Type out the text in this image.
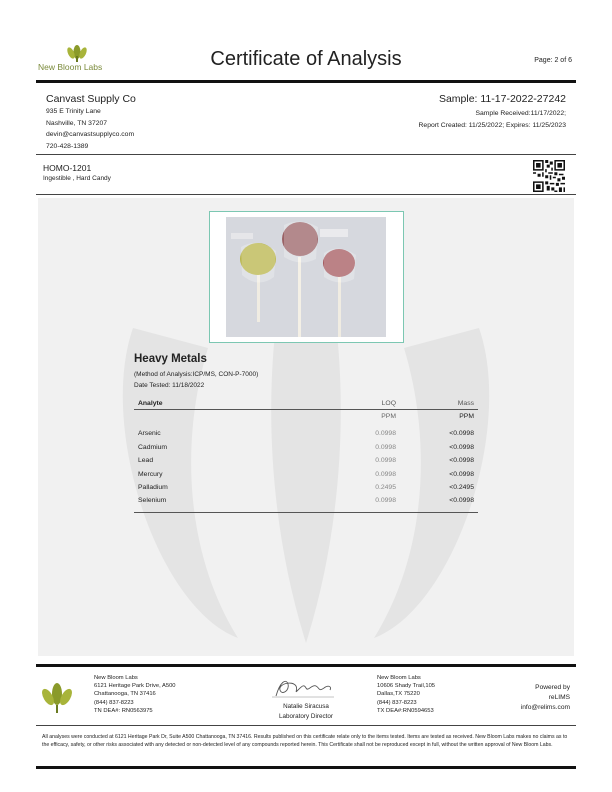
New Bloom Labs	Certificate of Analysis	Page: 2 of 6
Canvast Supply Co
935 E Trinity Lane
Nashville, TN 37207
devin@canvastsupplyco.com
720-428-1389
Sample: 11-17-2022-27242
Sample Received:11/17/2022;
Report Created: 11/25/2022; Expires: 11/25/2023
HOMO-1201
Ingestible , Hard Candy
Heavy Metals
(Method of Analysis:ICP/MS, CON-P-7000)
Date Tested: 11/18/2022
Analyte	LOQ	Mass
	PPM	PPM
Arsenic	0.0998	<0.0998
Cadmium	0.0998	<0.0998
Lead	0.0998	<0.0998
Mercury	0.0998	<0.0998
Palladium	0.2495	<0.2495
Selenium	0.0998	<0.0998
New Bloom Labs
6121 Heritage Park Drive, A500
Chattanooga, TN 37416
(844) 837-8223
TN DEA#: RN0563975
Natalie Siracusa
Laboratory Director
New Bloom Labs
10606 Shady Trail,105
Dallas,TX 75220
(844) 837-8223
TX DEA#:RN0594653
Powered by
reLIMS
info@relims.com
All analyses were conducted at 6121 Heritage Park Dr, Suite A500 Chattanooga, TN 37416. Results published on this certificate relate only to the items tested. Items are tested as received. New Bloom Labs makes no claims as to the efficacy, safety, or other risks associated with any detected or non-detected level of any compounds reported herein. This Certificate shall not be reproduced except in full, without the written approval of New Bloom Labs.
